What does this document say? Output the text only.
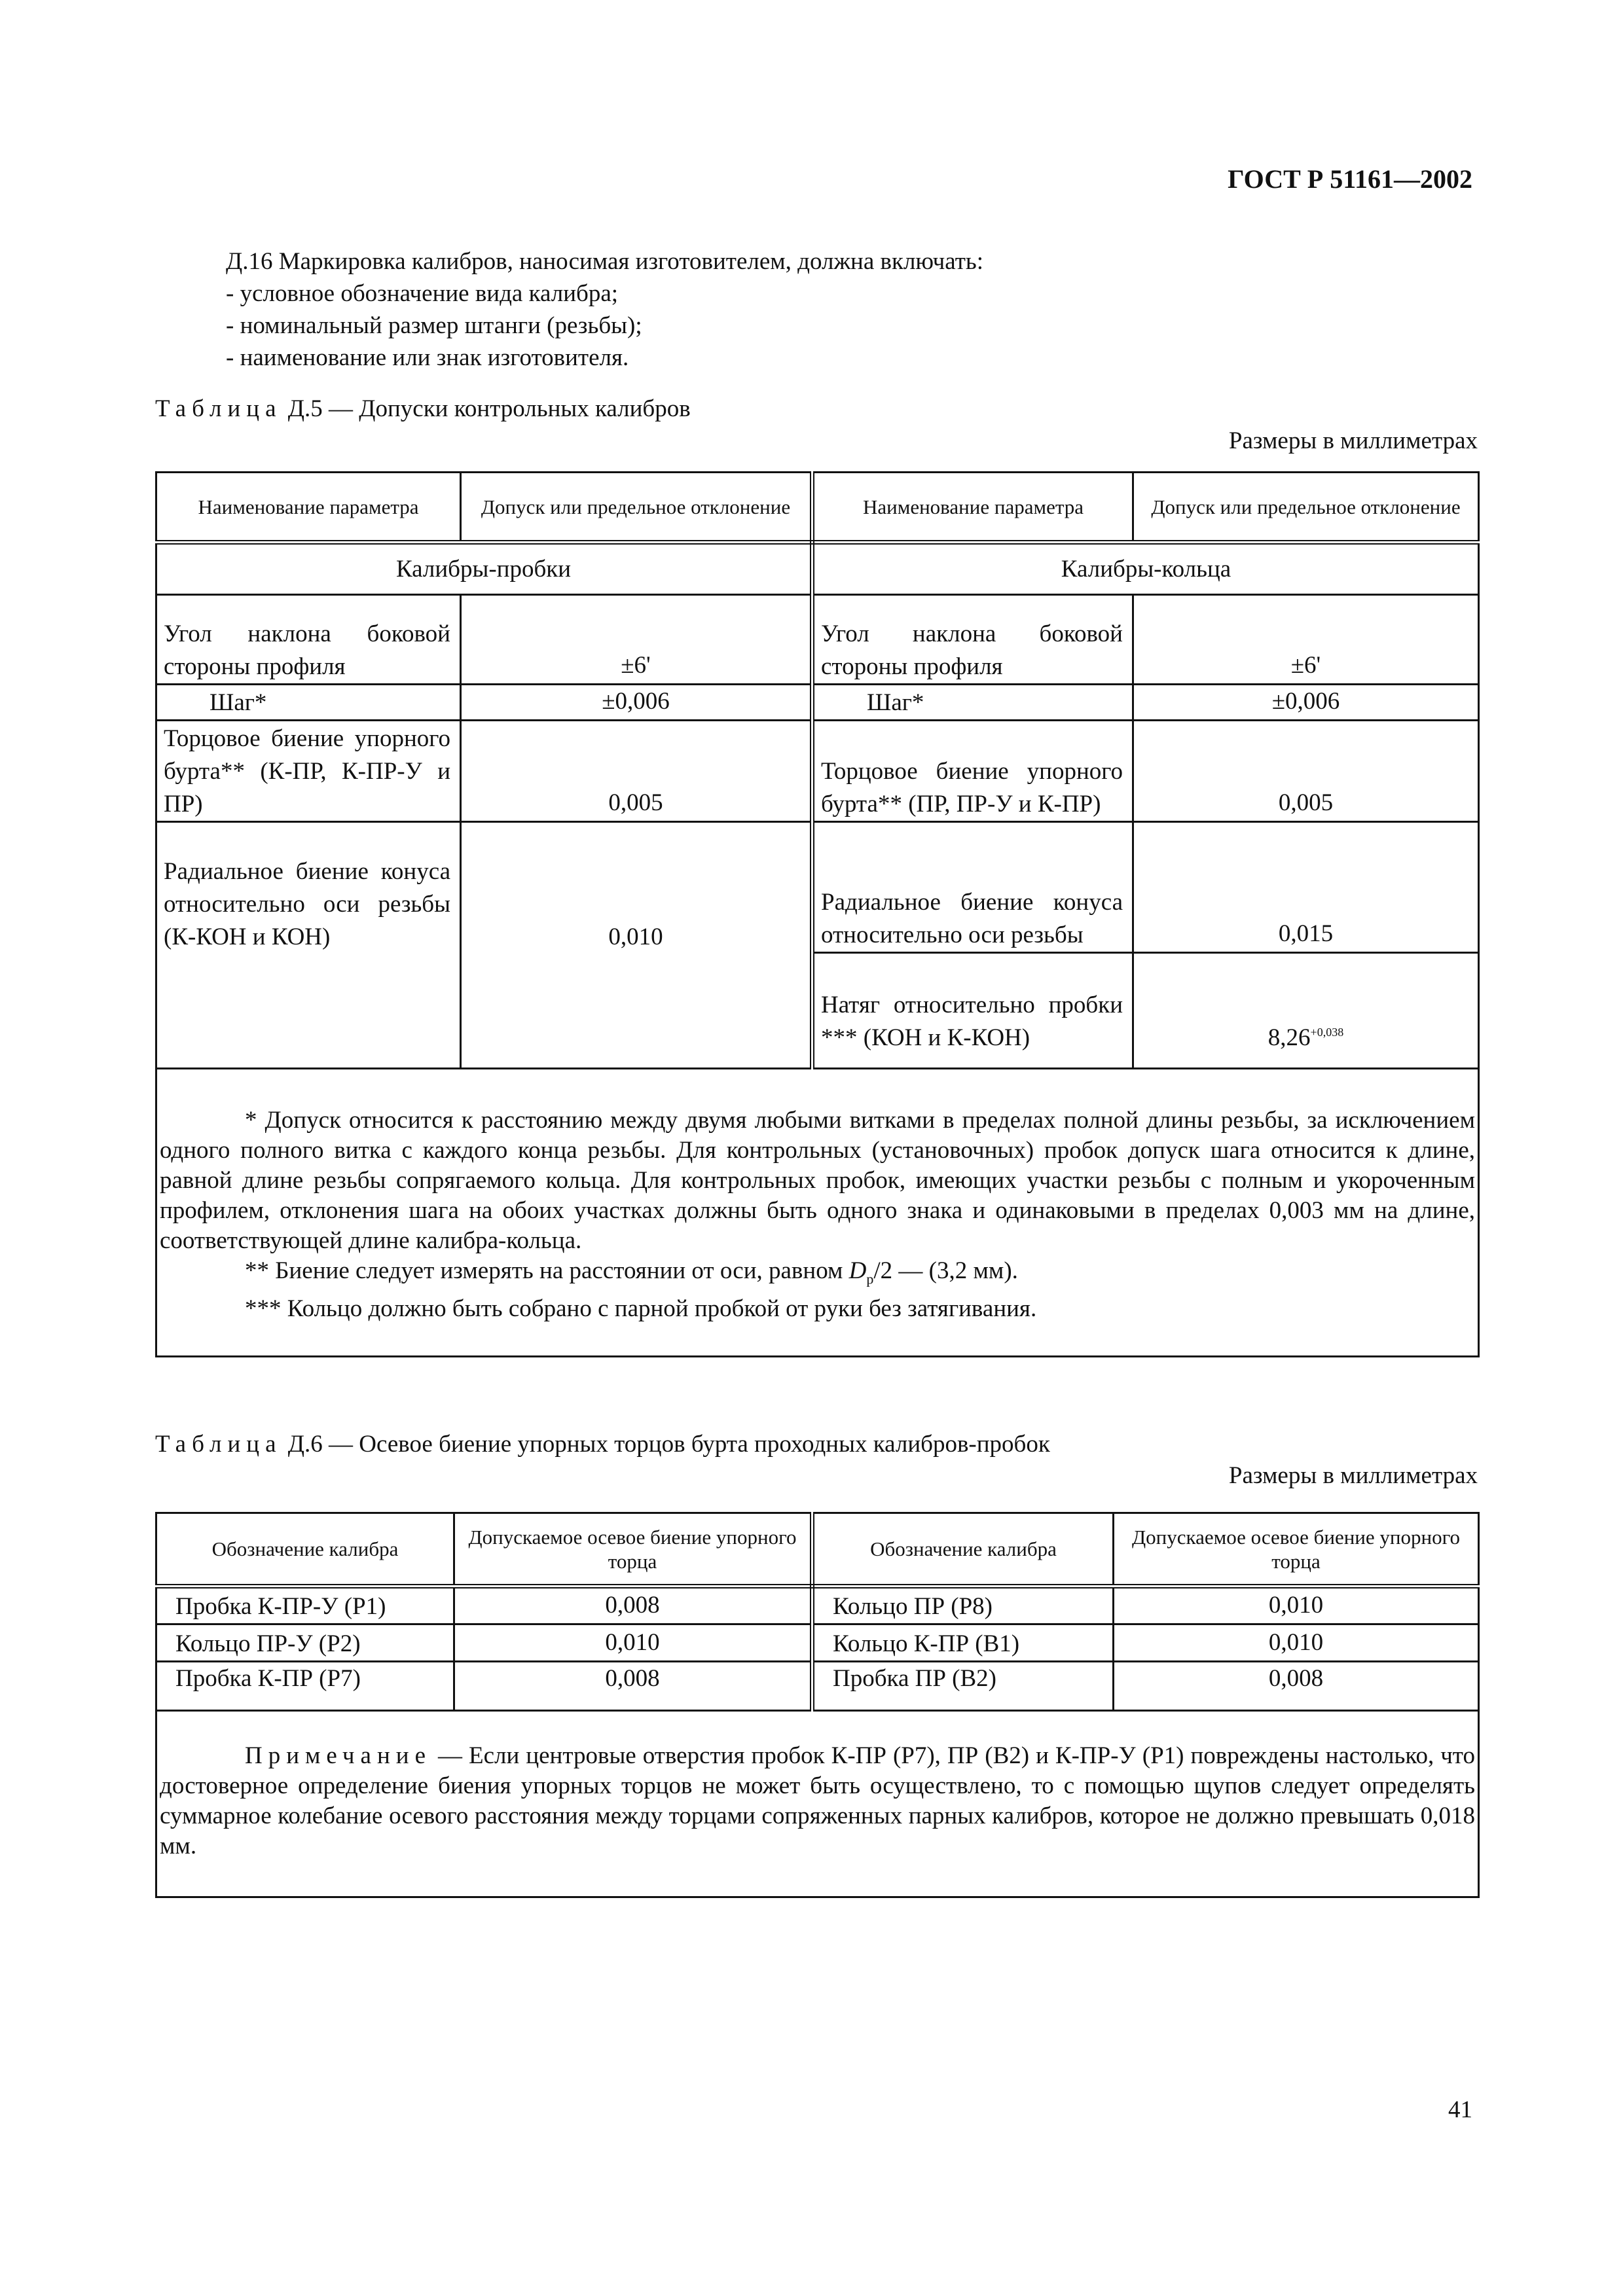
ГОСТ Р 51161—2002
Д.16 Маркировка калибров, наносимая изготовителем, должна включать:
- условное обозначение вида калибра;
- номинальный размер штанги (резьбы);
- наименование или знак изготовителя.
Таблица Д.5 — Допуски контрольных калибров
Размеры в миллиметрах
Наименование параметра	Допуск или предельное отклонение	Наименование параметра	Допуск или предельное отклонение
Калибры-пробки		Калибры-кольца	
Угол наклона боковой стороны профиля	±6'	Угол наклона боковой стороны профиля	±6'
Шаг*	±0,006	Шаг*	±0,006
Торцовое биение упорного бурта** (К-ПР, К-ПР-У и ПР)	0,005	Торцовое биение упорного бурта** (ПР, ПР-У и К-ПР)	0,005

Радиальное биение конуса относительно оси резьбы (К-КОН и КОН)	0,010	Радиальное биение конуса относительно оси резьбы	0,015
		Натяг относительно пробки *** (КОН и К-КОН)	$8,26^{+0,038}$

* Допуск относится к расстоянию между двумя любыми витками в пределах полной длины резьбы, за исключением одного полного витка с каждого конца резьбы. Для контрольных (установочных) пробок допуск шага относится к длине, равной длине резьбы сопрягаемого кольца. Для контрольных пробок, имеющих участки резьбы с полным и укороченным профилем, отклонения шага на обоих участках должны быть одного знака и одинаковыми в пределах 0,003 мм на длине, соответствующей длине калибра-кольца.

** Биение следует измерять на расстоянии от оси, равном $D_p/2$ — (3,2 мм).

*** Кольцо должно быть собрано с парной пробкой от руки без затягивания.			

Таблица Д.6 — Осевое биение упорных торцов бурта проходных калибров-пробок
Размеры в миллиметрах
Обозначение калибра	Допускаемое осевое биение упорного торца	Обозначение калибра	Допускаемое осевое биение упорного торца
Пробка К-ПР-У (Р1)	0,008	Кольцо ПР (Р8)	0,010
Кольцо ПР-У (Р2)	0,010	Кольцо К-ПР (В1)	0,010
Пробка К-ПР (Р7)	0,008	Пробка ПР (В2)	0,008

Примечание — Если центровые отверстия пробок К-ПР (Р7), ПР (В2) и К-ПР-У (Р1) повреждены настолько, что достоверное определение биения упорных торцов не может быть осуществлено, то с помощью щупов следует определять суммарное колебание осевого расстояния между торцами сопряженных парных калибров, которое не должно превышать 0,018 мм.			

41
